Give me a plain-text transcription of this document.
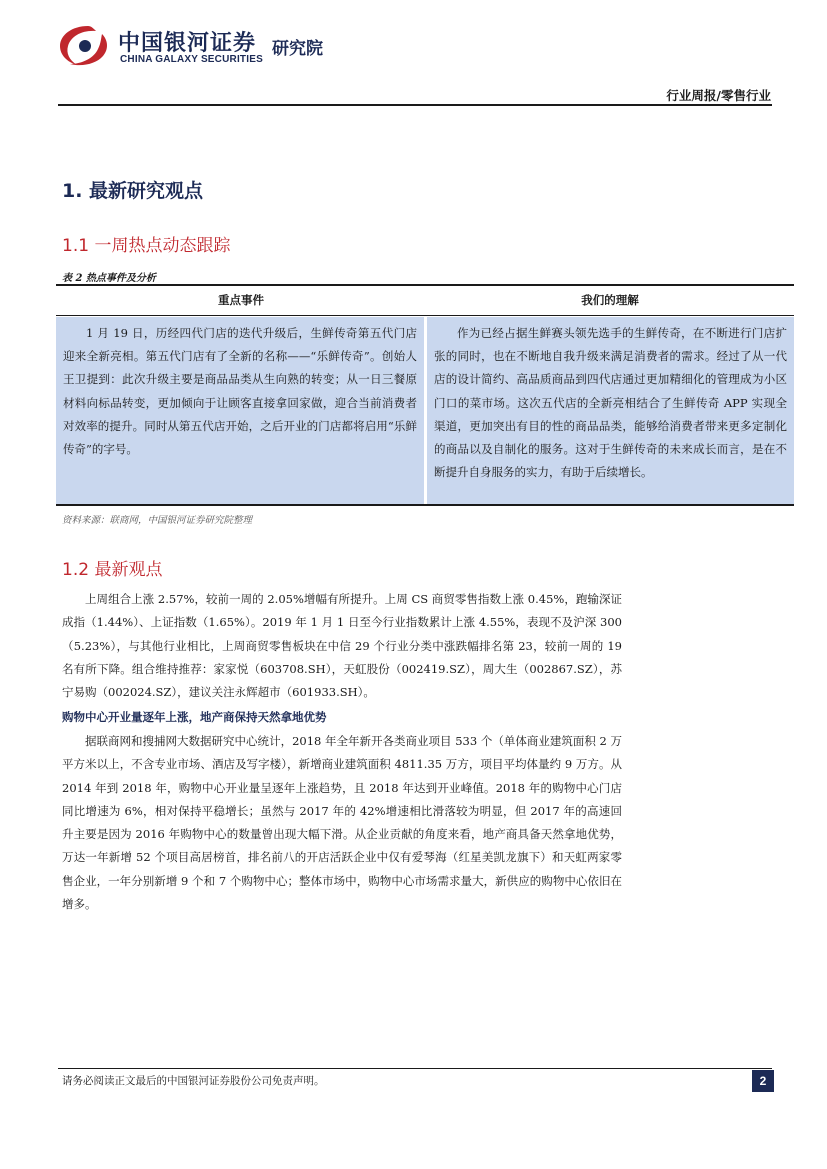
中国银河证券
CHINA GALAXY SECURITIES
研究院
行业周报/零售行业
1. 最新研究观点
1.1 一周热点动态跟踪
表 2 热点事件及分析
重点事件	我们的理解
1 月 19 日，历经四代门店的迭代升级后，生鲜传奇第五代门店迎来全新亮相。第五代门店有了全新的名称——“乐鲜传奇”。创始人王卫提到：此次升级主要是商品品类从生向熟的转变；从一日三餐原材料向标品转变，更加倾向于让顾客直接拿回家做，迎合当前消费者对效率的提升。同时从第五代店开始，之后开业的门店都将启用“乐鲜传奇”的字号。
作为已经占据生鲜赛头领先选手的生鲜传奇，在不断进行门店扩张的同时，也在不断地自我升级来满足消费者的需求。经过了从一代店的设计简约、高品质商品到四代店通过更加精细化的管理成为小区门口的菜市场。这次五代店的全新亮相结合了生鲜传奇 APP 实现全渠道，更加突出有目的性的商品品类，能够给消费者带来更多定制化的商品以及自制化的服务。这对于生鲜传奇的未来成长而言，是在不断提升自身服务的实力，有助于后续增长。
资料来源：联商网，中国银河证券研究院整理
1.2 最新观点
上周组合上涨 2.57%，较前一周的 2.05%增幅有所提升。上周 CS 商贸零售指数上涨 0.45%，跑输深证成指（1.44%）、上证指数（1.65%）。2019 年 1 月 1 日至今行业指数累计上涨 4.55%，表现不及沪深 300（5.23%），与其他行业相比，上周商贸零售板块在中信 29 个行业分类中涨跌幅排名第 23，较前一周的 19 名有所下降。组合维持推荐：家家悦（603708.SH），天虹股份（002419.SZ），周大生（002867.SZ），苏宁易购（002024.SZ），建议关注永辉超市（601933.SH）。
购物中心开业量逐年上涨，地产商保持天然拿地优势
据联商网和搜捕网大数据研究中心统计，2018 年全年新开各类商业项目 533 个（单体商业建筑面积 2 万平方米以上，不含专业市场、酒店及写字楼），新增商业建筑面积 4811.35 万方，项目平均体量约 9 万方。从 2014 年到 2018 年，购物中心开业量呈逐年上涨趋势，且 2018 年达到开业峰值。2018 年的购物中心门店同比增速为 6%，相对保持平稳增长；虽然与 2017 年的 42%增速相比滑落较为明显，但 2017 年的高速回升主要是因为 2016 年购物中心的数量曾出现大幅下滑。从企业贡献的角度来看，地产商具备天然拿地优势，万达一年新增 52 个项目高居榜首，排名前八的开店活跃企业中仅有爱琴海（红星美凯龙旗下）和天虹两家零售企业，一年分别新增 9 个和 7 个购物中心；整体市场中，购物中心市场需求量大，新供应的购物中心依旧在增多。
请务必阅读正文最后的中国银河证券股份公司免责声明。	2
